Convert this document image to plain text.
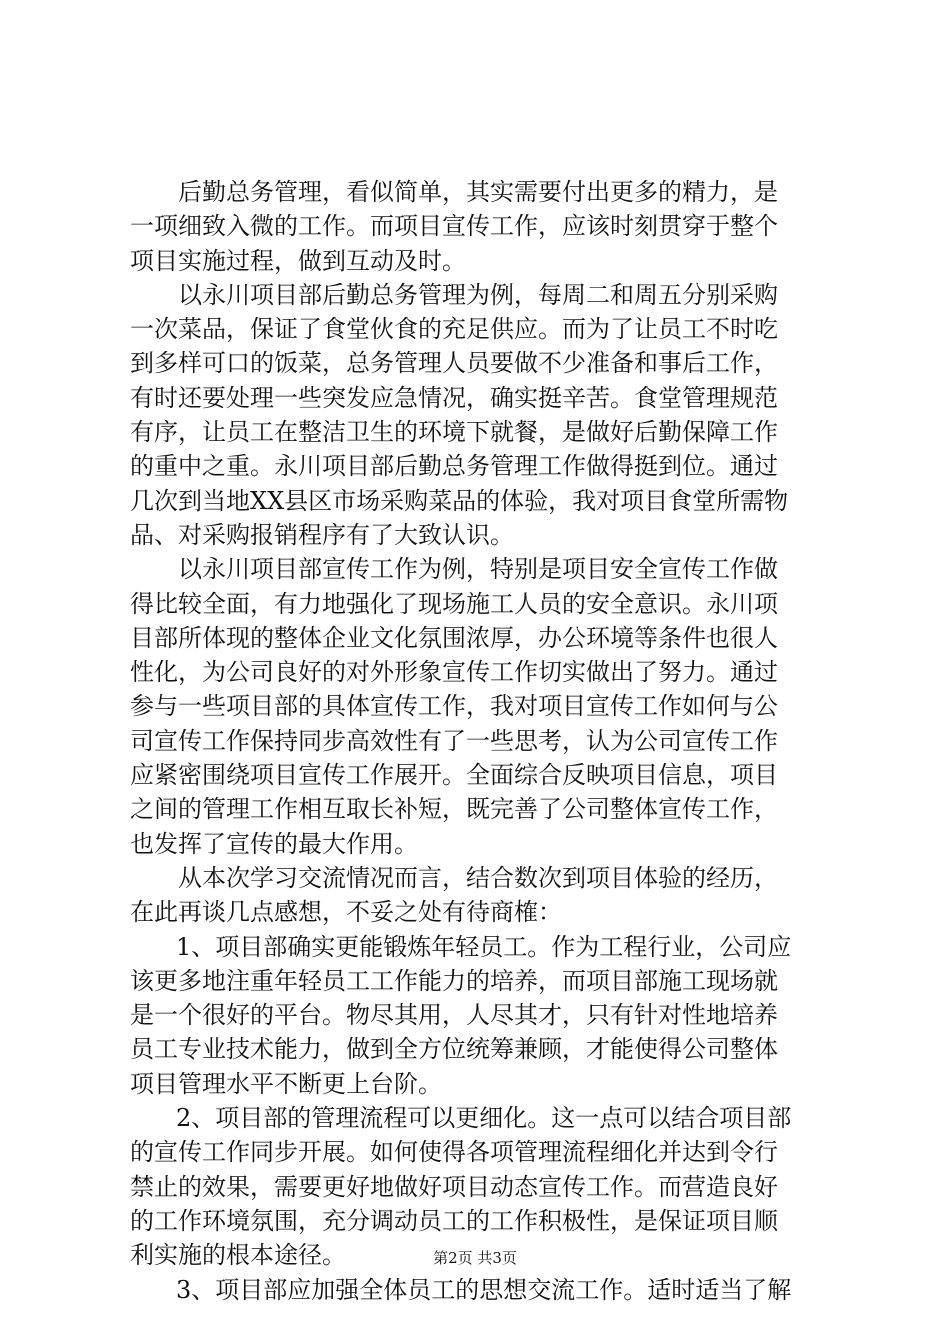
后勤总务管理，看似简单，其实需要付出更多的精力，是
一项细致入微的工作。而项目宣传工作，应该时刻贯穿于整个
项目实施过程，做到互动及时。
以永川项目部后勤总务管理为例，每周二和周五分别采购
一次菜品，保证了食堂伙食的充足供应。而为了让员工不时吃
到多样可口的饭菜，总务管理人员要做不少准备和事后工作，
有时还要处理一些突发应急情况，确实挺辛苦。食堂管理规范
有序，让员工在整洁卫生的环境下就餐，是做好后勤保障工作
的重中之重。永川项目部后勤总务管理工作做得挺到位。通过
几次到当地XX县区市场采购菜品的体验，我对项目食堂所需物
品、对采购报销程序有了大致认识。
以永川项目部宣传工作为例，特别是项目安全宣传工作做
得比较全面，有力地强化了现场施工人员的安全意识。永川项
目部所体现的整体企业文化氛围浓厚，办公环境等条件也很人
性化，为公司良好的对外形象宣传工作切实做出了努力。通过
参与一些项目部的具体宣传工作，我对项目宣传工作如何与公
司宣传工作保持同步高效性有了一些思考，认为公司宣传工作
应紧密围绕项目宣传工作展开。全面综合反映项目信息，项目
之间的管理工作相互取长补短，既完善了公司整体宣传工作，
也发挥了宣传的最大作用。
从本次学习交流情况而言，结合数次到项目体验的经历，
在此再谈几点感想，不妥之处有待商榷：
1、项目部确实更能锻炼年轻员工。作为工程行业，公司应
该更多地注重年轻员工工作能力的培养，而项目部施工现场就
是一个很好的平台。物尽其用，人尽其才，只有针对性地培养
员工专业技术能力，做到全方位统筹兼顾，才能使得公司整体
项目管理水平不断更上台阶。
2、项目部的管理流程可以更细化。这一点可以结合项目部
的宣传工作同步开展。如何使得各项管理流程细化并达到令行
禁止的效果，需要更好地做好项目动态宣传工作。而营造良好
的工作环境氛围，充分调动员工的工作积极性，是保证项目顺
利实施的根本途径。
3、项目部应加强全体员工的思想交流工作。适时适当了解
第2页 共3页
